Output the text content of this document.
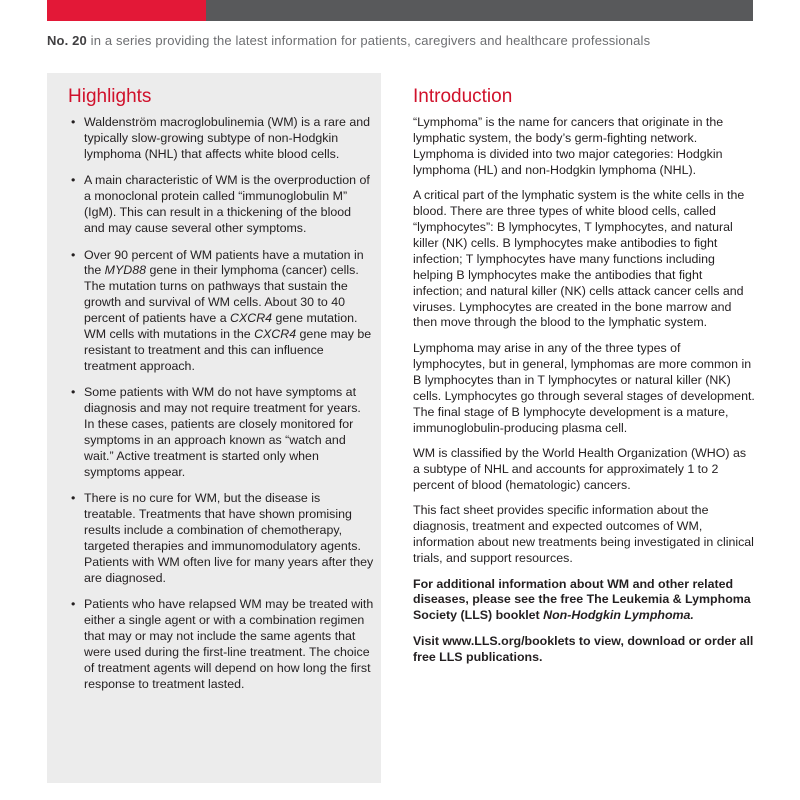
No. 20 in a series providing the latest information for patients, caregivers and healthcare professionals
Highlights
• Waldenström macroglobulinemia (WM) is a rare and typically slow-growing subtype of non-Hodgkin lymphoma (NHL) that affects white blood cells.
• A main characteristic of WM is the overproduction of a monoclonal protein called “immunoglobulin M” (IgM). This can result in a thickening of the blood and may cause several other symptoms.
• Over 90 percent of WM patients have a mutation in the MYD88 gene in their lymphoma (cancer) cells. The mutation turns on pathways that sustain the growth and survival of WM cells. About 30 to 40 percent of patients have a CXCR4 gene mutation. WM cells with mutations in the CXCR4 gene may be resistant to treatment and this can influence treatment approach.
• Some patients with WM do not have symptoms at diagnosis and may not require treatment for years. In these cases, patients are closely monitored for symptoms in an approach known as “watch and wait.” Active treatment is started only when symptoms appear.
• There is no cure for WM, but the disease is treatable. Treatments that have shown promising results include a combination of chemotherapy, targeted therapies and immunomodulatory agents. Patients with WM often live for many years after they are diagnosed.
• Patients who have relapsed WM may be treated with either a single agent or with a combination regimen that may or may not include the same agents that were used during the first-line treatment. The choice of treatment agents will depend on how long the first response to treatment lasted.
Introduction

“Lymphoma” is the name for cancers that originate in the lymphatic system, the body’s germ-fighting network. Lymphoma is divided into two major categories: Hodgkin lymphoma (HL) and non-Hodgkin lymphoma (NHL).

A critical part of the lymphatic system is the white cells in the blood. There are three types of white blood cells, called “lymphocytes”: B lymphocytes, T lymphocytes, and natural killer (NK) cells. B lymphocytes make antibodies to fight infection; T lymphocytes have many functions including helping B lymphocytes make the antibodies that fight infection; and natural killer (NK) cells attack cancer cells and viruses. Lymphocytes are created in the bone marrow and then move through the blood to the lymphatic system.

Lymphoma may arise in any of the three types of lymphocytes, but in general, lymphomas are more common in B lymphocytes than in T lymphocytes or natural killer (NK) cells. Lymphocytes go through several stages of development. The final stage of B lymphocyte development is a mature, immunoglobulin-producing plasma cell.

WM is classified by the World Health Organization (WHO) as a subtype of NHL and accounts for approximately 1 to 2 percent of blood (hematologic) cancers.

This fact sheet provides specific information about the diagnosis, treatment and expected outcomes of WM, information about new treatments being investigated in clinical trials, and support resources.

For additional information about WM and other related diseases, please see the free The Leukemia & Lymphoma Society (LLS) booklet Non-Hodgkin Lymphoma.

Visit www.LLS.org/booklets to view, download or order all free LLS publications.
